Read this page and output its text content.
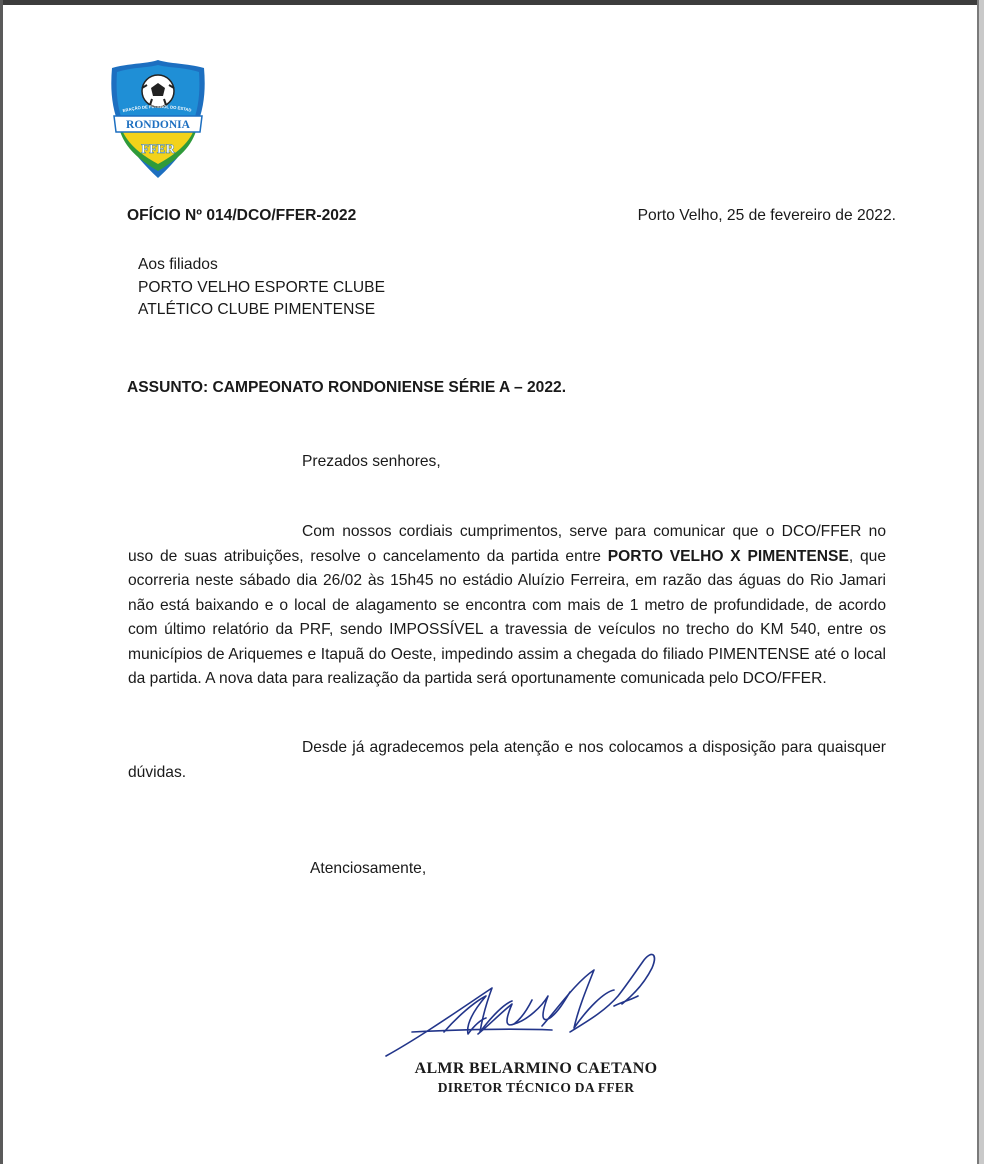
ERAÇÃO DE FUTEBOL DO ESTAD
RONDONIA
FFER

OFÍCIO Nº 014/DCO/FFER-2022	Porto Velho, 25 de fevereiro de 2022.

Aos filiados
PORTO VELHO ESPORTE CLUBE
ATLÉTICO CLUBE PIMENTENSE

ASSUNTO: CAMPEONATO RONDONIENSE SÉRIE A – 2022.

Prezados senhores,

Com nossos cordiais cumprimentos, serve para comunicar que o DCO/FFER no uso de suas atribuições, resolve o cancelamento da partida entre PORTO VELHO X PIMENTENSE, que ocorreria neste sábado dia 26/02 às 15h45 no estádio Aluízio Ferreira, em razão das águas do Rio Jamari não está baixando e o local de alagamento se encontra com mais de 1 metro de profundidade, de acordo com último relatório da PRF, sendo IMPOSSÍVEL a travessia de veículos no trecho do KM 540, entre os municípios de Ariquemes e Itapuã do Oeste, impedindo assim a chegada do filiado PIMENTENSE até o local da partida. A nova data para realização da partida será oportunamente comunicada pelo DCO/FFER.

Desde já agradecemos pela atenção e nos colocamos a disposição para quaisquer dúvidas.

Atenciosamente,

ALMR BELARMINO CAETANO
DIRETOR TÉCNICO DA FFER
